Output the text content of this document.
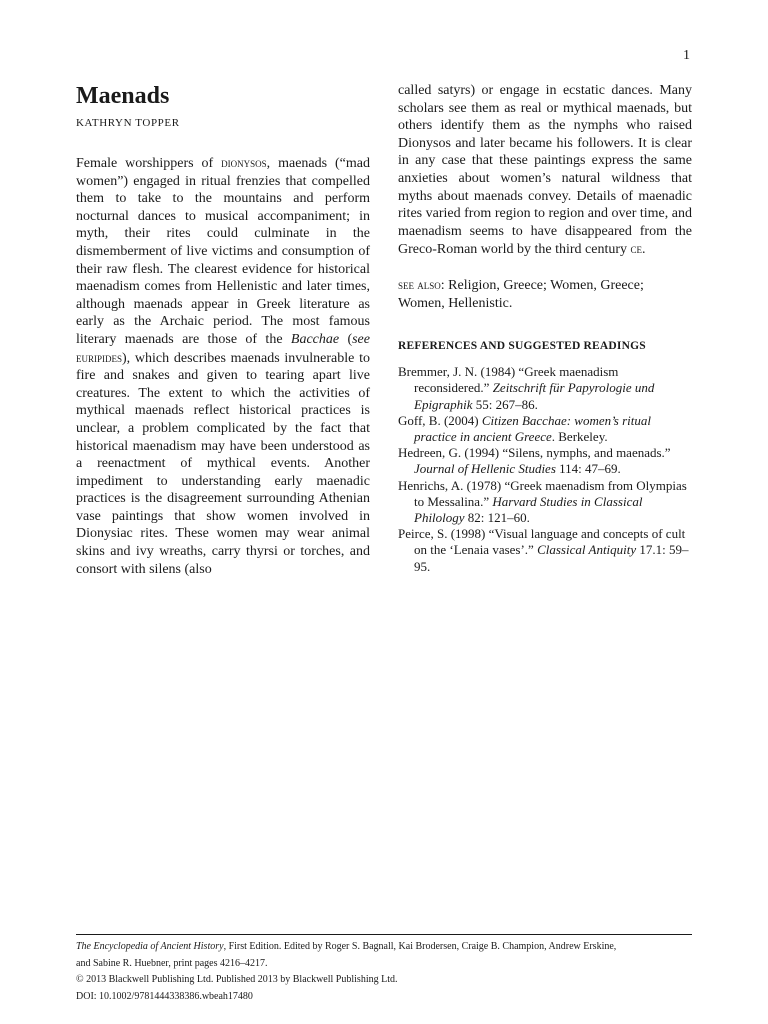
1
Maenads
KATHRYN TOPPER

Female worshippers of dionysos, maenads (“mad women”) engaged in ritual frenzies that compelled them to take to the mountains and perform nocturnal dances to musical accompaniment; in myth, their rites could culminate in the dismemberment of live victims and consumption of their raw flesh. The clearest evidence for historical maenadism comes from Hellenistic and later times, although maenads appear in Greek literature as early as the Archaic period. The most famous literary maenads are those of the Bacchae (see euripides), which describes maenads invulnerable to fire and snakes and given to tearing apart live creatures. The extent to which the activities of mythical maenads reflect historical practices is unclear, a problem complicated by the fact that historical maenadism may have been understood as a reenactment of mythical events. Another impediment to understanding early maenadic practices is the disagreement surrounding Athenian vase paintings that show women involved in Dionysiac rites. These women may wear animal skins and ivy wreaths, carry thyrsi or torches, and consort with silens (also

called satyrs) or engage in ecstatic dances. Many scholars see them as real or mythical maenads, but others identify them as the nymphs who raised Dionysos and later became his followers. It is clear in any case that these paintings express the same anxieties about women’s natural wildness that myths about maenads convey. Details of maenadic rites varied from region to region and over time, and maenadism seems to have disappeared from the Greco-Roman world by the third century ce.

see also: Religion, Greece; Women, Greece; Women, Hellenistic.
REFERENCES AND SUGGESTED READINGS
Bremmer, J. N. (1984) “Greek maenadism reconsidered.” Zeitschrift für Papyrologie und Epigraphik 55: 267–86.
Goff, B. (2004) Citizen Bacchae: women’s ritual practice in ancient Greece. Berkeley.
Hedreen, G. (1994) “Silens, nymphs, and maenads.” Journal of Hellenic Studies 114: 47–69.
Henrichs, A. (1978) “Greek maenadism from Olympias to Messalina.” Harvard Studies in Classical Philology 82: 121–60.
Peirce, S. (1998) “Visual language and concepts of cult on the ‘Lenaia vases’.” Classical Antiquity 17.1: 59–95.
The Encyclopedia of Ancient History, First Edition. Edited by Roger S. Bagnall, Kai Brodersen, Craige B. Champion, Andrew Erskine,
and Sabine R. Huebner, print pages 4216–4217.
© 2013 Blackwell Publishing Ltd. Published 2013 by Blackwell Publishing Ltd.
DOI: 10.1002/9781444338386.wbeah17480
